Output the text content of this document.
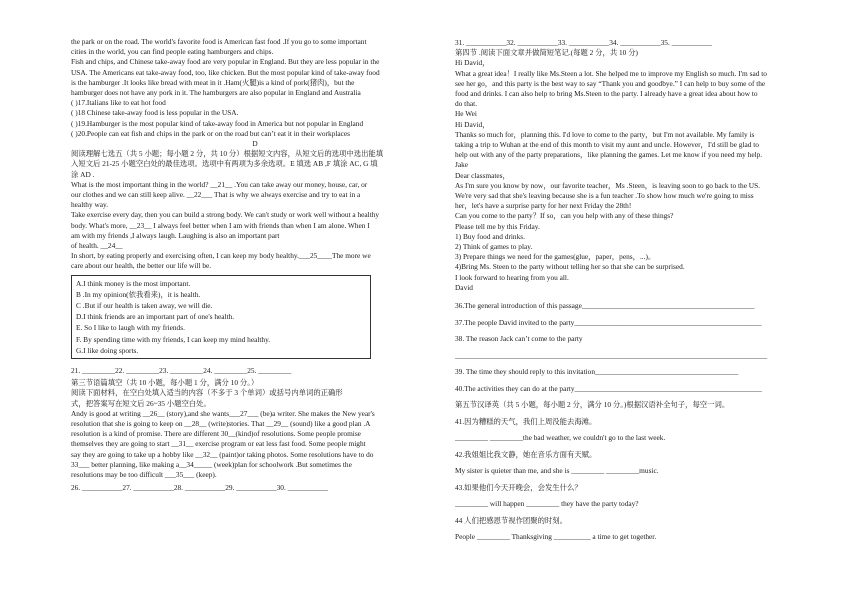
the park or on the road. The world's favorite food is American fast food .If you go to some important
cities in the world, you can find people eating hamburgers and chips.
Fish and chips, and Chinese take-away food are very popular in England. But they are less popular in the
USA. The Americans eat take-away food, too, like chicken. But the most popular kind of take-away food
is the hamburger .It looks like bread with meat in it .Ham(火腿)is a kind of pork(猪肉)，but the
hamburger does not have any pork in it. The hamburgers are also popular in England and Australia
( )17.Italians like to eat hot food
( )18 Chinese take-away food is less popular in the USA.
( )19.Hamburger is the most popular kind of take-away food in America but not popular in England
( )20.People can eat fish and chips in the park or on the road but can’t eat it in their workplaces
D
阅读理解七选五（共 5 小题；每小题 2 分，共 10 分）根据短文内容，从短文后的选项中选出能填
入短文后 21-25 小题空白处的最佳选项。选项中有两项为多余选项。E 填选 AB ,F 填涂 AC, G 填
涂 AD .
What is the most important thing in the world? __21__ .You can take away our money, house, car, or
our clothes and we can still keep alive. __22___ That is why we always exercise and try to eat in a
healthy way.
Take exercise every day, then you can build a strong body. We can't study or work well without a healthy
body. What's more, __23__ I always feel better when I am with friends than when I am alone. When I
am with my friends ,I always laugh. Laughing is also an important part
of health. __24__
In short, by eating properly and exercising often, I can keep my body healthy.___25____The more we
care about our health, the better our life will be.
A.I think money is the most important.
B .In my opinion(依我看来)，it is health.
C .But if our health is taken away, we will die.
D.I think friends are an important part of one's health.
E. So I like to laugh with my friends.
F. By spending time with my friends, I can keep my mind healthy.
G.I like doing sports.
21. _________22. _________23. _________24. _________25. _________
第三节语篇填空（共 10 小题，每小题 1 分，满分 10 分。）
阅读下面材料，在空白处填入适当的内容（不多于 3 个单词）或括号内单词的正确形
式，把答案写在短文后 26~35 小题空白处。
Andy is good at writing __26__ (story),and she wants___27___ (be)a writer. She makes the New year's
resolution that she is going to keep on __28__ (write)stories. That __29__ (sound) like a good plan .A
resolution is a kind of promise. There are different 30__(kind)of resolutions. Some people promise
themselves they are going to start __31__ exercise program or eat less fast food. Some people might
say they are going to take up a hobby like __32__ (paint)or taking photos. Some resolutions have to do
33___ better planning, like making a__34_____ (week)plan for schoolwork .But sometimes the
resolutions may be too difficult ___35___ (keep).
26. ___________27. ___________28. ___________29. ___________30. ___________
31. ___________32. ___________33. ___________34. ___________35. ___________
第四节 .阅读下面文章并做简短笔记.(每题 2 分，共 10 分)
Hi David，
What a great idea！I really like Ms.Steen a lot. She helped me to improve my English so much. I'm sad to
see her go，and this party is the best way to say “Thank you and goodbye.” I can help to buy some of the
food and drinks. I can also help to bring Ms.Steen to the party. I already have a great idea about how to
do that.
He Wei
Hi David，
Thanks so much for，planning this. I'd love to come to the party，but I'm not available. My family is
taking a trip to Wuhan at the end of this month to visit my aunt and uncle. However，I'd still be glad to
help out with any of the party preparations，like planning the games. Let me know if you need my help.
Jake
Dear classmates，
As I'm sure you know by now，our favorite teacher，Ms .Steen，is leaving soon to go back to the US.
We're very sad that she's leaving because she is a fun teacher .To show how much we're going to miss
her，let's have a surprise party for her next Friday the 28th!
Can you come to the party？If so，can you help with any of these things?
Please tell me by this Friday.
1) Buy food and drinks.
2) Think of games to play.
3) Prepare things we need for the games(glue，paper，pens，...)。
4)Bring Ms. Steen to the party without telling her so that she can be surprised.
I look forward to hearing from you all.
David
36.The general introduction of this passage_______________________________________________
37.The people David invited to the party___________________________________________________
38. The reason Jack can’t come to the party
_____________________________________________________________________________________
39. The time they should reply to this invitation_______________________________________
40.The activities they can do at the party___________________________________________________
第五节汉译英（共 5 小题，每小题 2 分，满分 10 分。)根据汉语补全句子，每空一词。
41.因为糟糕的天气，我们上周没能去海滩。
_________ _________the bad weather, we couldn't go to the last week.
42.我姐姐比我文静，她在音乐方面有天赋。
My sister is quieter than me, and she is _________ _________music.
43.如果他们今天开晚会，会发生什么？
_________ will happen _________ they have the party today?
44 人们把感恩节视作团聚的时刻。
People _________ Thanksgiving __________ a time to get together.
